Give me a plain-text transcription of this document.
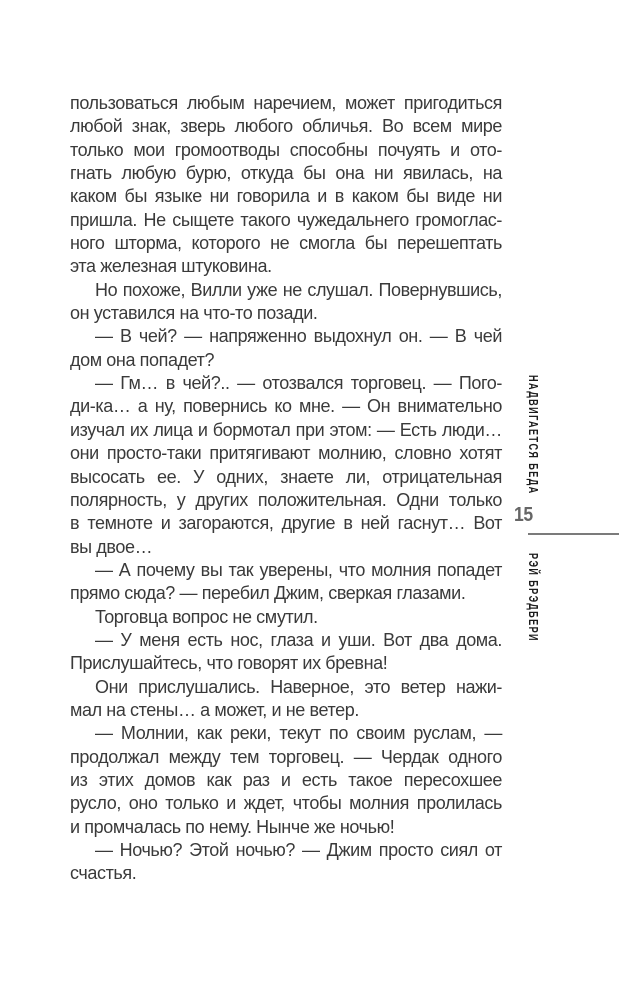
пользоваться любым наречием, может пригодиться
любой знак, зверь любого обличья. Во всем мире
только мои громоотводы способны почуять и ото-
гнать любую бурю, откуда бы она ни явилась, на
каком бы языке ни говорила и в каком бы виде ни
пришла. Не сыщете такого чужедальнего громоглас-
ного шторма, которого не смогла бы перешептать
эта железная штуковина.
Но похоже, Вилли уже не слушал. Повернувшись,
он уставился на что-то позади.
— В чей? — напряженно выдохнул он. — В чей
дом она попадет?
— Гм… в чей?.. — отозвался торговец. — Пого-
ди-ка… а ну, повернись ко мне. — Он внимательно
изучал их лица и бормотал при этом: — Есть люди…
они просто-таки притягивают молнию, словно хотят
высосать ее. У одних, знаете ли, отрицательная
полярность, у других положительная. Одни только
в темноте и загораются, другие в ней гаснут… Вот
вы двое…
— А почему вы так уверены, что молния попадет
прямо сюда? — перебил Джим, сверкая глазами.
Торговца вопрос не смутил.
— У меня есть нос, глаза и уши. Вот два дома.
Прислушайтесь, что говорят их бревна!
Они прислушались. Наверное, это ветер нажи-
мал на стены… а может, и не ветер.
— Молнии, как реки, текут по своим руслам, —
продолжал между тем торговец. — Чердак одного
из этих домов как раз и есть такое пересохшее
русло, оно только и ждет, чтобы молния пролилась
и промчалась по нему. Нынче же ночью!
— Ночью? Этой ночью? — Джим просто сиял от
счастья.
НАДВИГАЕТСЯ БЕДА
15
РЭЙ БРЭДБЕРИ
